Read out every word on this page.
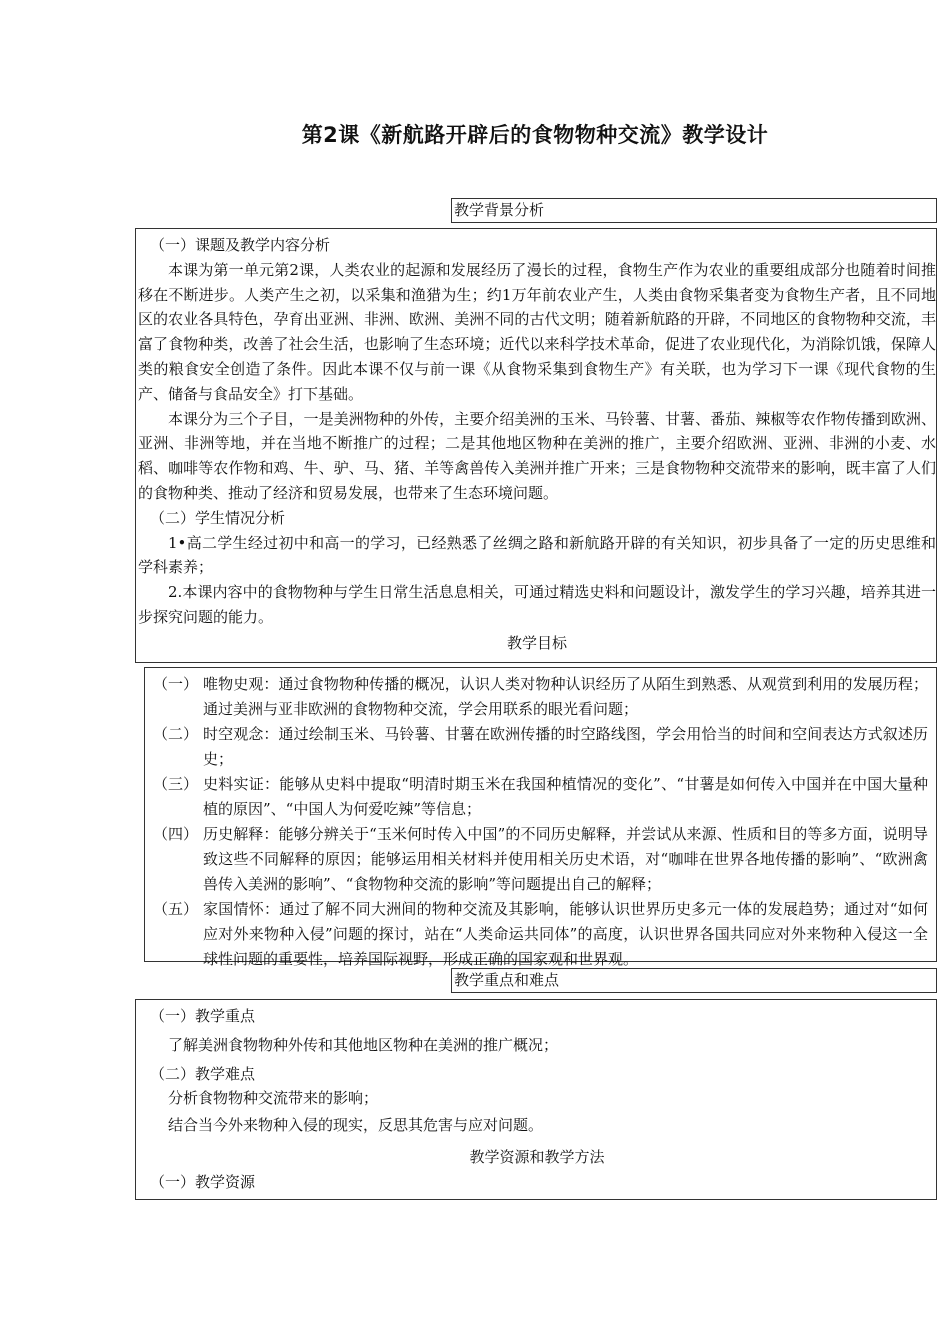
第2课《新航路开辟后的食物物种交流》教学设计
教学背景分析

（一）课题及教学内容分析

本课为第一单元第2课，人类农业的起源和发展经历了漫长的过程，食物生产作为农业的重要组成部分也随着时间推移在不断进步。人类产生之初，以采集和渔猎为生；约1万年前农业产生，人类由食物采集者变为食物生产者，且不同地区的农业各具特色，孕育出亚洲、非洲、欧洲、美洲不同的古代文明；随着新航路的开辟，不同地区的食物物种交流，丰富了食物种类，改善了社会生活，也影响了生态环境；近代以来科学技术革命，促进了农业现代化，为消除饥饿，保障人类的粮食安全创造了条件。因此本课不仅与前一课《从食物采集到食物生产》有关联，也为学习下一课《现代食物的生产、储备与食品安全》打下基础。

本课分为三个子目，一是美洲物种的外传，主要介绍美洲的玉米、马铃薯、甘薯、番茄、辣椒等农作物传播到欧洲、亚洲、非洲等地，并在当地不断推广的过程；二是其他地区物种在美洲的推广，主要介绍欧洲、亚洲、非洲的小麦、水稻、咖啡等农作物和鸡、牛、驴、马、猪、羊等禽兽传入美洲并推广开来；三是食物物种交流带来的影响，既丰富了人们的食物种类、推动了经济和贸易发展，也带来了生态环境问题。

（二）学生情况分析

1•高二学生经过初中和高一的学习，已经熟悉了丝绸之路和新航路开辟的有关知识，初步具备了一定的历史思维和学科素养；

2.本课内容中的食物物种与学生日常生活息息相关，可通过精选史料和问题设计，激发学生的学习兴趣，培养其进一步探究问题的能力。

教学目标

（一） 唯物史观：通过食物物种传播的概况，认识人类对物种认识经历了从陌生到熟悉、从观赏到利用的发展历程；通过美洲与亚非欧洲的食物物种交流，学会用联系的眼光看问题；
（二） 时空观念：通过绘制玉米、马铃薯、甘薯在欧洲传播的时空路线图，学会用恰当的时间和空间表达方式叙述历史；
（三） 史料实证：能够从史料中提取“明清时期玉米在我国种植情况的变化”、“甘薯是如何传入中国并在中国大量种植的原因”、“中国人为何爱吃辣”等信息；
（四） 历史解释：能够分辨关于“玉米何时传入中国”的不同历史解释，并尝试从来源、性质和目的等多方面，说明导致这些不同解释的原因；能够运用相关材料并使用相关历史术语，对“咖啡在世界各地传播的影响”、“欧洲禽兽传入美洲的影响”、“食物物种交流的影响”等问题提出自己的解释；
（五） 家国情怀：通过了解不同大洲间的物种交流及其影响，能够认识世界历史多元一体的发展趋势；通过对“如何应对外来物种入侵”问题的探讨，站在“人类命运共同体”的高度，认识世界各国共同应对外来物种入侵这一全球性问题的重要性，培养国际视野，形成正确的国家观和世界观。
教学重点和难点

（一）教学重点

了解美洲食物物种外传和其他地区物种在美洲的推广概况；

（二）教学难点

分析食物物种交流带来的影响；

结合当今外来物种入侵的现实，反思其危害与应对问题。

教学资源和教学方法

（一）教学资源
